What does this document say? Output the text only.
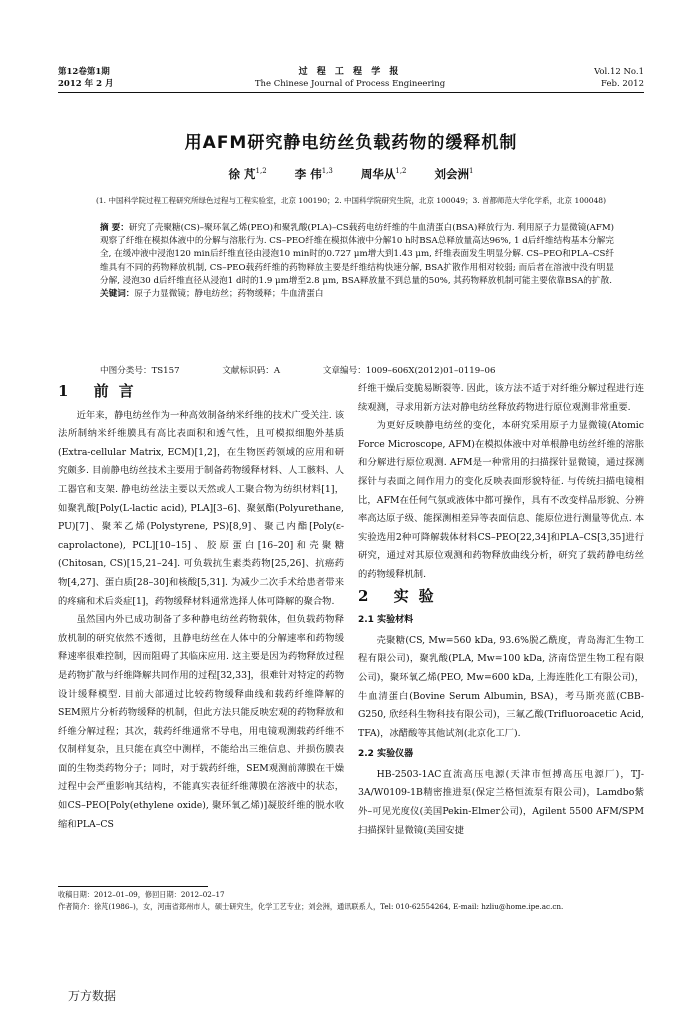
第12卷第1期
2012 年 2 月
过 程 工 程 学 报
The Chinese Journal of Process Engineering
Vol.12 No.1
Feb. 2012
用AFM研究静电纺丝负载药物的缓释机制
徐 芃$^{1,2}$ 李 伟$^{1,3}$ 周华从$^{1,2}$ 刘会洲$^1$
(1. 中国科学院过程工程研究所绿色过程与工程实验室，北京 100190；2. 中国科学院研究生院，北京 100049；3. 首都师范大学化学系，北京 100048)
摘 要：研究了壳聚糖(CS)–聚环氧乙烯(PEO)和聚乳酸(PLA)–CS载药电纺纤维的牛血清蛋白(BSA)释放行为. 利用原子力显微镜(AFM)观察了纤维在模拟体液中的分解与溶胀行为. CS–PEO纤维在模拟体液中分解10 h时BSA总释放量高达96%, 1 d后纤维结构基本分解完全, 在缓冲液中浸泡120 min后纤维直径由浸泡10 min时的0.727 μm增大到1.43 μm, 纤维表面发生明显分解. CS–PEO和PLA–CS纤维具有不同的药物释放机制, CS–PEO载药纤维的药物释放主要是纤维结构快速分解, BSA扩散作用相对较弱; 而后者在溶液中没有明显分解, 浸泡30 d后纤维直径从浸泡1 d时的1.9 μm增至2.8 μm, BSA释放量不到总量的50%, 其药物释放机制可能主要依靠BSA的扩散.
关键词：原子力显微镜；静电纺丝；药物缓释；牛血清蛋白
中图分类号：TS157	文献标识码：A	文章编号：1009–606X(2012)01–0119–06
1 前言

近年来，静电纺丝作为一种高效制备纳米纤维的技术广受关注. 该法所制纳米纤维膜具有高比表面积和透气性，且可模拟细胞外基质(Extra-cellular Matrix, ECM)[1,2]，在生物医药领域的应用和研究颇多. 目前静电纺丝技术主要用于制备药物缓释材料、人工骸料、人工器官和支架. 静电纺丝法主要以天然或人工聚合物为纺织材料[1]，如聚乳酸[Poly(L-lactic acid), PLA][3–6]、聚氨酯(Polyurethane, PU)[7]、聚苯乙烯(Polystyrene, PS)[8,9]、聚己内酯[Poly(ε-caprolactone), PCL][10–15]、胶原蛋白[16–20]和壳聚糖(Chitosan, CS)[15,21–24]. 可负载抗生素类药物[25,26]、抗癌药物[4,27]、蛋白质[28–30]和核酸[5,31]. 为减少二次手术给患者带来的疼痛和术后炎症[1]，药物缓释材料通常选择人体可降解的聚合物.

虽然国内外已成功制备了多种静电纺丝药物载体，但负载药物释放机制的研究依然不透彻，且静电纺丝在人体中的分解速率和药物缓释速率很难控制，因而阻碍了其临床应用. 这主要是因为药物释放过程是药物扩散与纤维降解共同作用的过程[32,33]，很难针对特定的药物设计缓释模型. 目前大部通过比较药物缓释曲线和载药纤维降解的SEM照片分析药物缓释的机制，但此方法只能反映宏观的药物释放和纤维分解过程；其次，载药纤维通常不导电，用电镜观测载药纤维不仅制样复杂，且只能在真空中测样，不能给出三维信息、并损伤膜表面的生物类药物分子；同时，对于载药纤维，SEM观测前薄膜在干燥过程中会严重影响其结构，不能真实表征纤维薄膜在溶液中的状态，如CS–PEO[Poly(ethylene oxide), 聚环氧乙烯)]凝胶纤维的脱水收缩和PLA–CS

纤维干燥后变脆易断裂等. 因此，该方法不适于对纤维分解过程进行连续观测，寻求用新方法对静电纺丝释放药物进行原位观测非常重要.

为更好反映静电纺丝的变化，本研究采用原子力显微镜(Atomic Force Microscope, AFM)在模拟体液中对单根静电纺丝纤维的溶胀和分解进行原位观测. AFM是一种常用的扫描探针显微镜，通过探测探针与表面之间作用力的变化反映表面形貌特征. 与传统扫描电镜相比，AFM在任何气氛或液体中都可操作，具有不改变样品形貌、分辨率高达原子级、能探测相差异等表面信息、能原位进行测量等优点. 本实验选用2种可降解载体材料CS–PEO[22,34]和PLA–CS[3,35]进行研究，通过对其原位观测和药物释放曲线分析，研究了载药静电纺丝的药物缓释机制.

2 实验
2.1 实验材料

壳聚糖(CS, Mw=560 kDa, 93.6%脱乙酰度，青岛海汇生物工程有限公司)，聚乳酸(PLA, Mw=100 kDa, 济南岱罡生物工程有限公司)，聚环氧乙烯(PEO, Mw=600 kDa, 上海连胜化工有限公司)，牛血清蛋白(Bovine Serum Albumin, BSA)，考马斯亮蓝(CBB-G250, 欣经科生物科技有限公司)，三氟乙酸(Trifluoroacetic Acid, TFA)，冰醋酸等其他试剂(北京化工厂).

2.2 实验仪器

HB-2503-1AC直流高压电源(天津市恒搏高压电源厂)，TJ-3A/W0109-1B精密推进泵(保定兰格恒流泵有限公司)，Lamdbo紫外–可见光度仪(美国Pekin-Elmer公司)，Agilent 5500 AFM/SPM扫描探针显微镜(美国安捷

收稿日期：2012–01–09，修回日期：2012–02–17
作者简介：徐芃(1986–)，女，河南省郑州市人，硕士研究生，化学工艺专业；刘会洲，通讯联系人，Tel: 010-62554264, E-mail: hzliu@home.ipe.ac.cn.
万方数据
